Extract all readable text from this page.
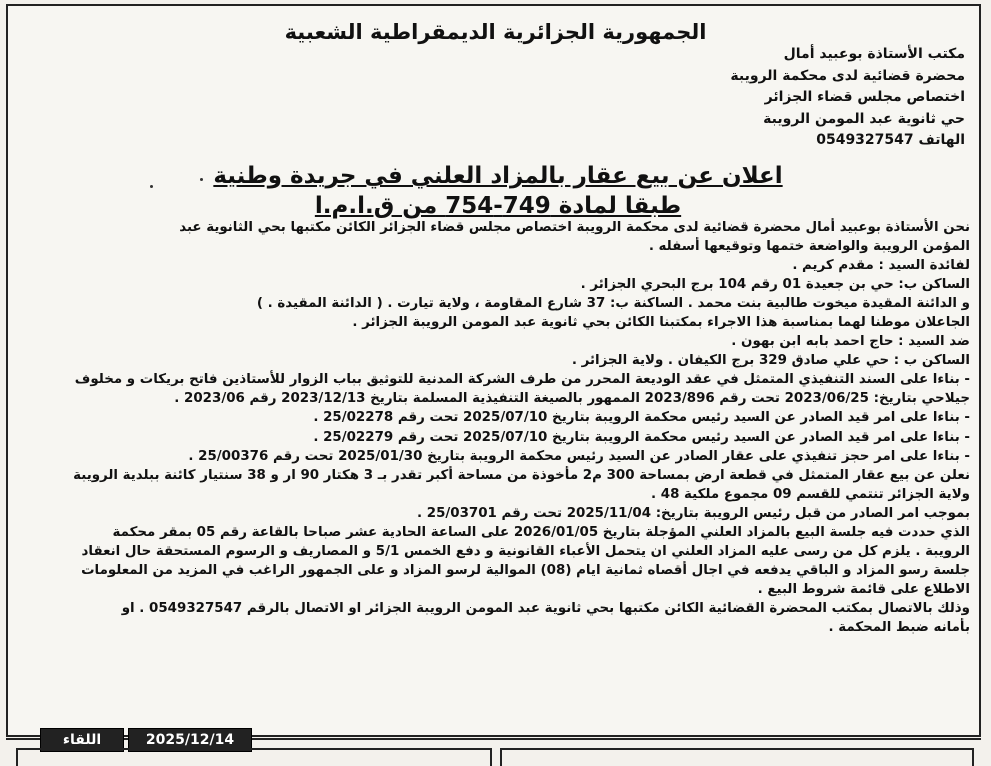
الجمهورية الجزائرية الديمقراطية الشعبية
مكتب الأستاذة بوعبيد أمال
محضرة قضائية لدى محكمة الرويبة
اختصاص مجلس قضاء الجزائر
حي ثانوية عبد المومن الرويبة
الهاتف 0549327547
اعلان عن بيع عقار بالمزاد العلني في جريدة وطنية
طبقا لمادة 749-754 من ق.ا.م.ا

نحن الأستاذة بوعبيد أمال محضرة قضائية لدى محكمة الرويبة اختصاص مجلس قضاء الجزائر الكائن مكتبها بحي الثانوية عبد

المؤمن الرويبة والواضعة ختمها وتوقيعها أسفله .

لفائدة السيد : مقدم كريم .

الساكن ب: حي بن جعيدة 01 رقم 104 برج البحري الجزائر .

و الدائنة المقيدة ميخوت طالبية بنت محمد . الساكنة ب: 37 شارع المقاومة ، ولاية تيارت . ( الدائنة المقيدة . )

الجاعلان موطنا لهما بمناسبة هذا الاجراء بمكتبنا الكائن بحي ثانوية عبد المومن الرويبة الجزائر .

ضد السيد : حاج احمد بابه ابن بهون .

الساكن ب : حي علي صادق 329 برج الكيفان . ولاية الجزائر .

- بناءا على السند التنفيذي المتمثل في عقد الوديعة المحرر من طرف الشركة المدنية للتوثيق بباب الزوار للأستاذين فاتح بريكات و مخلوف

جيلاحي بتاريخ: 2023/06/25 تحت رقم 2023/896 الممهور بالصيغة التنفيذية المسلمة بتاريخ 2023/12/13 رقم 2023/06 .

- بناءا على امر قيد الصادر عن السيد رئيس محكمة الرويبة بتاريخ 2025/07/10 تحت رقم 25/02278 .

- بناءا على امر قيد الصادر عن السيد رئيس محكمة الرويبة بتاريخ 2025/07/10 تحت رقم 25/02279 .

- بناءا على امر حجز تنفيذي على عقار الصادر عن السيد رئيس محكمة الرويبة بتاريخ 2025/01/30 تحت رقم 25/00376 .

نعلن عن بيع عقار المتمثل في قطعة ارض بمساحة 300 م2 مأخوذة من مساحة أكبر تقدر بـ 3 هكتار 90 ار و 38 سنتيار كائنة ببلدية الرويبة

ولاية الجزائر تنتمي للقسم 09 مجموع ملكية 48 .

بموجب امر الصادر من قبل رئيس الرويبة بتاريخ: 2025/11/04 تحت رقم 25/03701 .

الذي حددت فيه جلسة البيع بالمزاد العلني المؤجلة بتاريخ 2026/01/05 على الساعة الحادية عشر صباحا بالقاعة رقم 05 بمقر محكمة

الرويبة . يلزم كل من رسى عليه المزاد العلني ان يتحمل الأعباء القانونية و دفع الخمس 5/1 و المصاريف و الرسوم المستحقة حال انعقاد

جلسة رسو المزاد و الباقي يدفعه في اجال أقصاه ثمانية ايام (08) الموالية لرسو المزاد و على الجمهور الراغب في المزيد من المعلومات

الاطلاع على قائمة شروط البيع .

وذلك بالاتصال بمكتب المحضرة القضائية الكائن مكتبها بحي ثانوية عبد المومن الرويبة الجزائر او الاتصال بالرقم 0549327547 . او

بأمانه ضبط المحكمة .

2025/12/14
اللقاء
